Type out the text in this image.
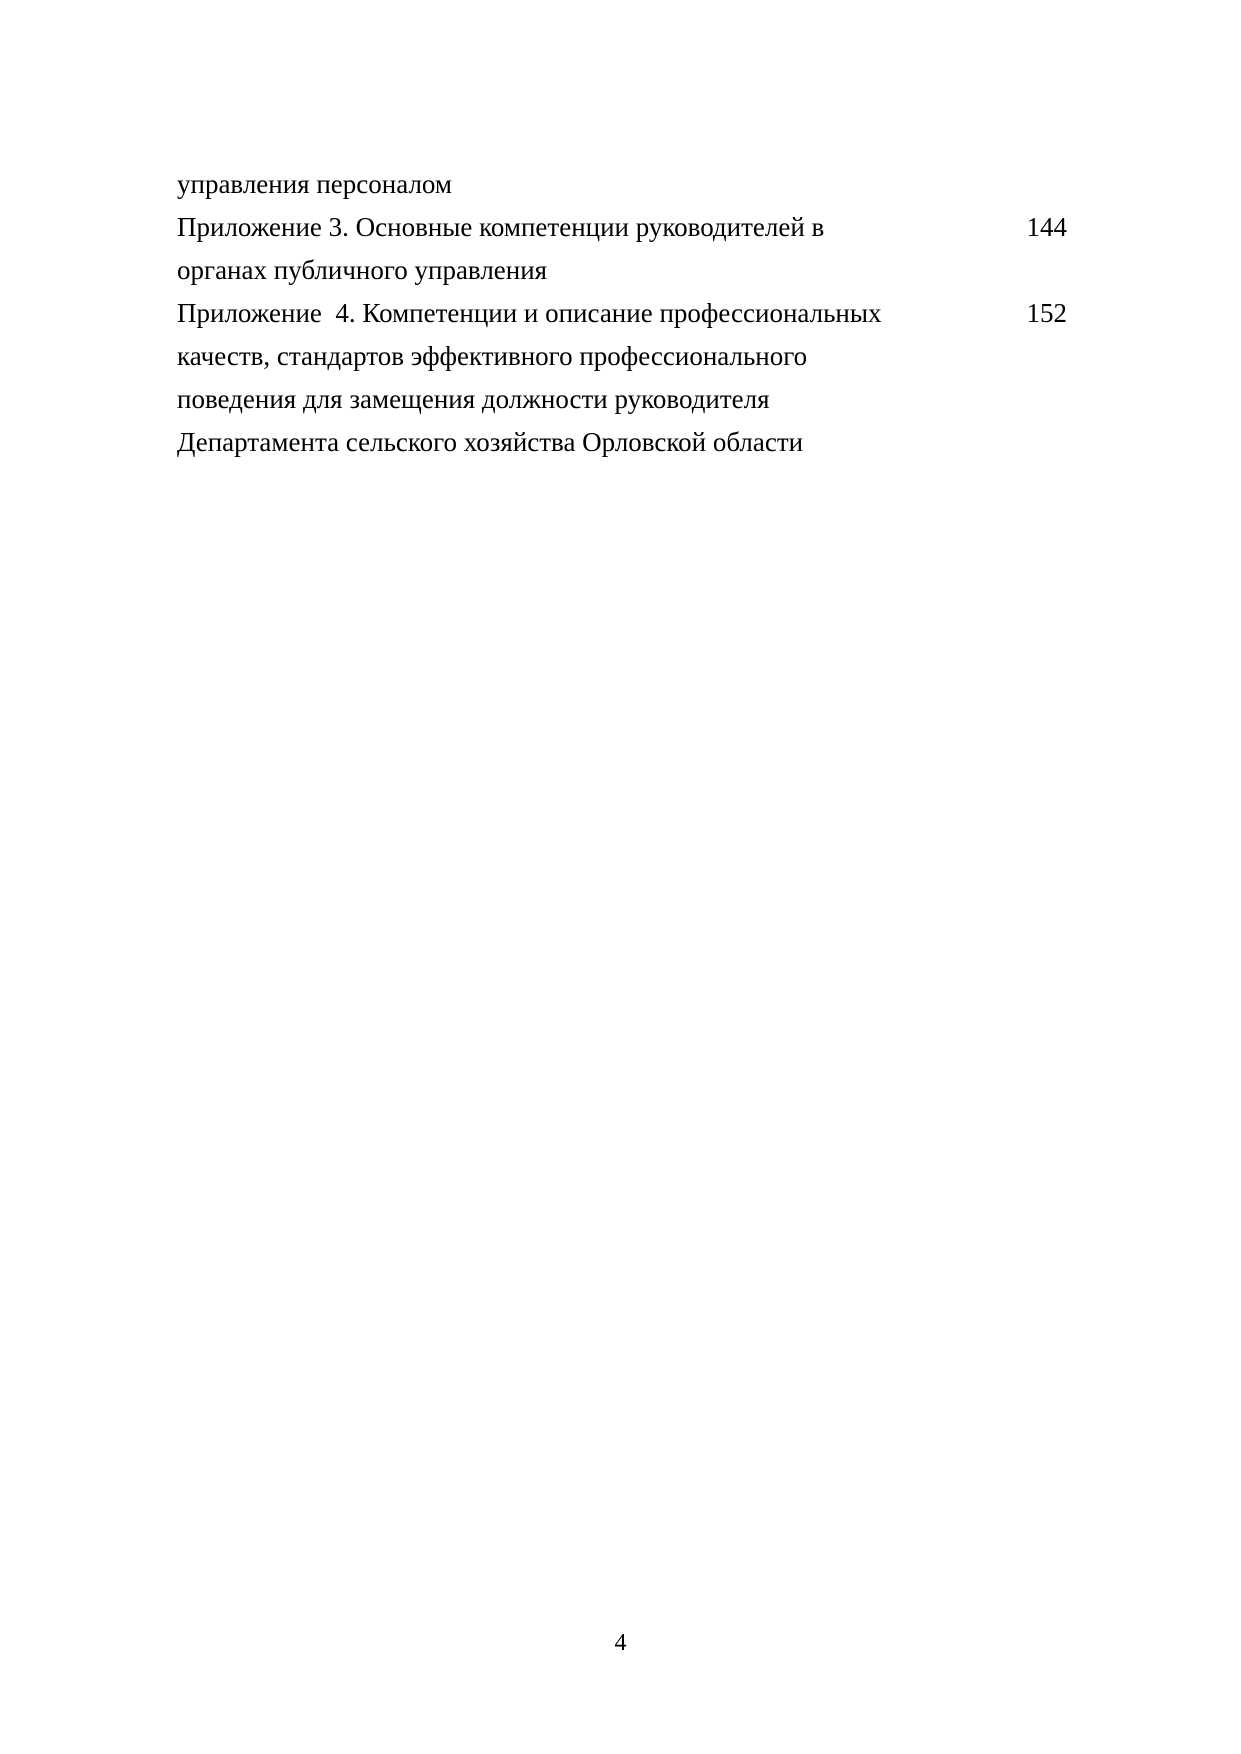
управления персоналом
Приложение 3. Основные компетенции руководителей в	144
органах публичного управления
Приложение  4. Компетенции и описание профессиональных	152
качеств, стандартов эффективного профессионального
поведения для замещения должности руководителя
Департамента сельского хозяйства Орловской области
4
